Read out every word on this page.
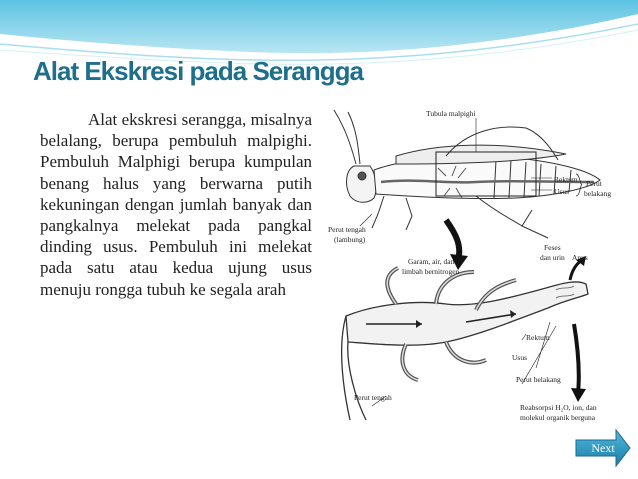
Alat Ekskresi pada Serangga

Alat ekskresi serangga, misalnya belalang, berupa pembuluh malpighi. Pembuluh Malphigi berupa kumpulan benang halus yang berwarna putih kekuningan dengan jumlah banyak dan pangkalnya melekat pada pangkal dinding usus. Pembuluh ini melekat pada satu atau kedua ujung usus menuju rongga tubuh ke segala arah

Tubula malpighi
Rektum
Usus
Perut
belakang
Perut tengah
(lambung)
Feses
dan urin Anus
Garam, air, dan
limbah bernitrogen
Rektum
Usus
Perut belakang
Perut tengah
Reabsorpsi H₂O, ion, dan
molekul organik berguna
Next
